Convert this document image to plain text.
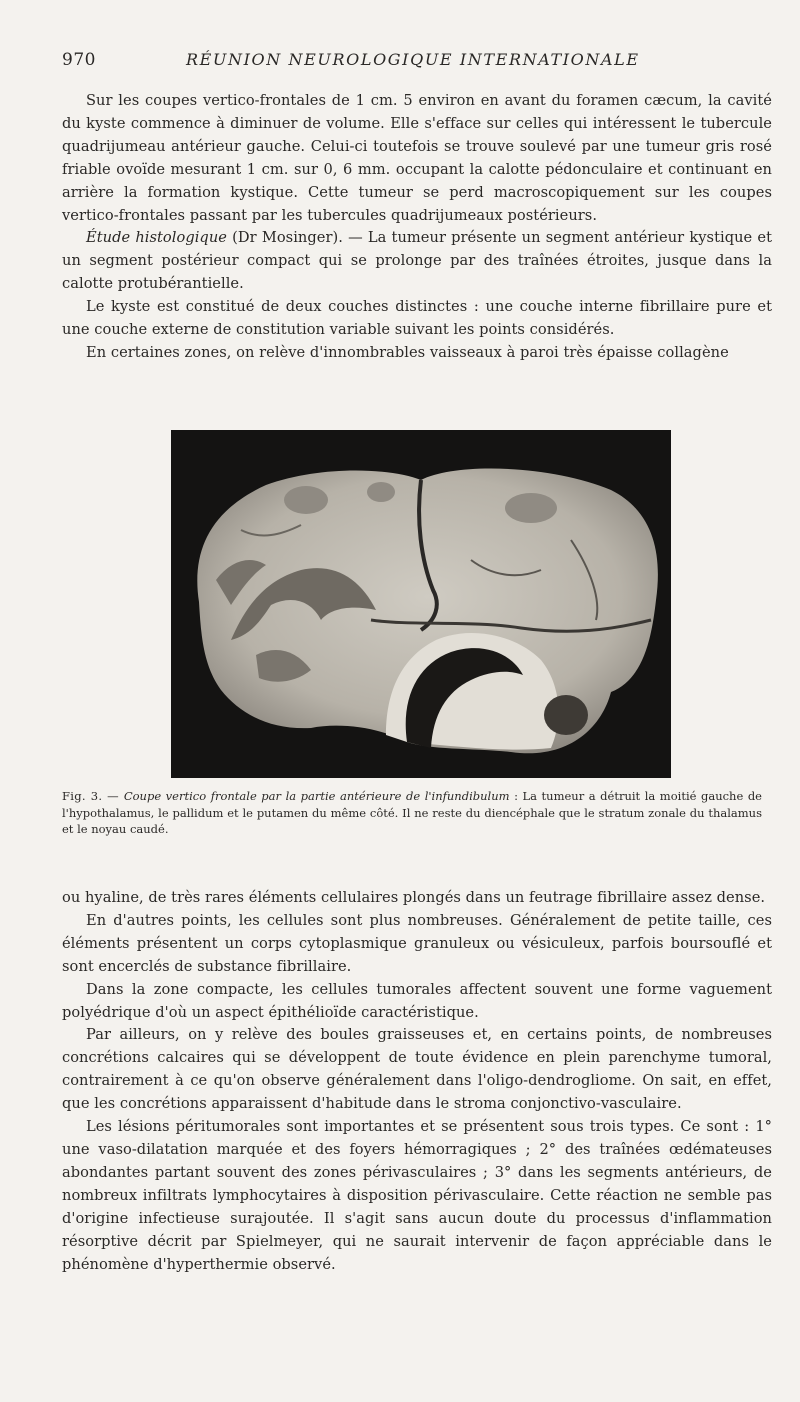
970	RÉUNION NEUROLOGIQUE INTERNATIONALE

Sur les coupes vertico-frontales de 1 cm. 5 environ en avant du foramen cæcum, la cavité du kyste commence à diminuer de volume. Elle s'efface sur celles qui intéressent le tubercule quadrijumeau antérieur gauche. Celui-ci toutefois se trouve soulevé par une tumeur gris rosé friable ovoïde mesurant 1 cm. sur 0, 6 mm. occupant la calotte pédonculaire et continuant en arrière la formation kystique. Cette tumeur se perd macroscopiquement sur les coupes vertico-frontales passant par les tubercules quadrijumeaux postérieurs.

Étude histologique (Dr Mosinger). — La tumeur présente un segment antérieur kystique et un segment postérieur compact qui se prolonge par des traînées étroites, jusque dans la calotte protubérantielle.

Le kyste est constitué de deux couches distinctes : une couche interne fibrillaire pure et une couche externe de constitution variable suivant les points considérés.

En certaines zones, on relève d'innombrables vaisseaux à paroi très épaisse collagène

Fig. 3. — Coupe vertico frontale par la partie antérieure de l'infundibulum : La tumeur a détruit la moitié gauche de l'hypothalamus, le pallidum et le putamen du même côté. Il ne reste du diencéphale que le stratum zonale du thalamus et le noyau caudé.

ou hyaline, de très rares éléments cellulaires plongés dans un feutrage fibrillaire assez dense.

En d'autres points, les cellules sont plus nombreuses. Généralement de petite taille, ces éléments présentent un corps cytoplasmique granuleux ou vésiculeux, parfois boursouflé et sont encerclés de substance fibrillaire.

Dans la zone compacte, les cellules tumorales affectent souvent une forme vaguement polyédrique d'où un aspect épithélioïde caractéristique.

Par ailleurs, on y relève des boules graisseuses et, en certains points, de nombreuses concrétions calcaires qui se développent de toute évidence en plein parenchyme tumoral, contrairement à ce qu'on observe généralement dans l'oligo-dendrogliome. On sait, en effet, que les concrétions apparaissent d'habitude dans le stroma conjonctivo-vasculaire.

Les lésions péritumorales sont importantes et se présentent sous trois types. Ce sont : 1° une vaso-dilatation marquée et des foyers hémorragiques ; 2° des traînées œdémateuses abondantes partant souvent des zones périvasculaires ; 3° dans les segments antérieurs, de nombreux infiltrats lymphocytaires à disposition périvasculaire. Cette réaction ne semble pas d'origine infectieuse surajoutée. Il s'agit sans aucun doute du processus d'inflammation résorptive décrit par Spielmeyer, qui ne saurait intervenir de façon appréciable dans le phénomène d'hyperthermie observé.
